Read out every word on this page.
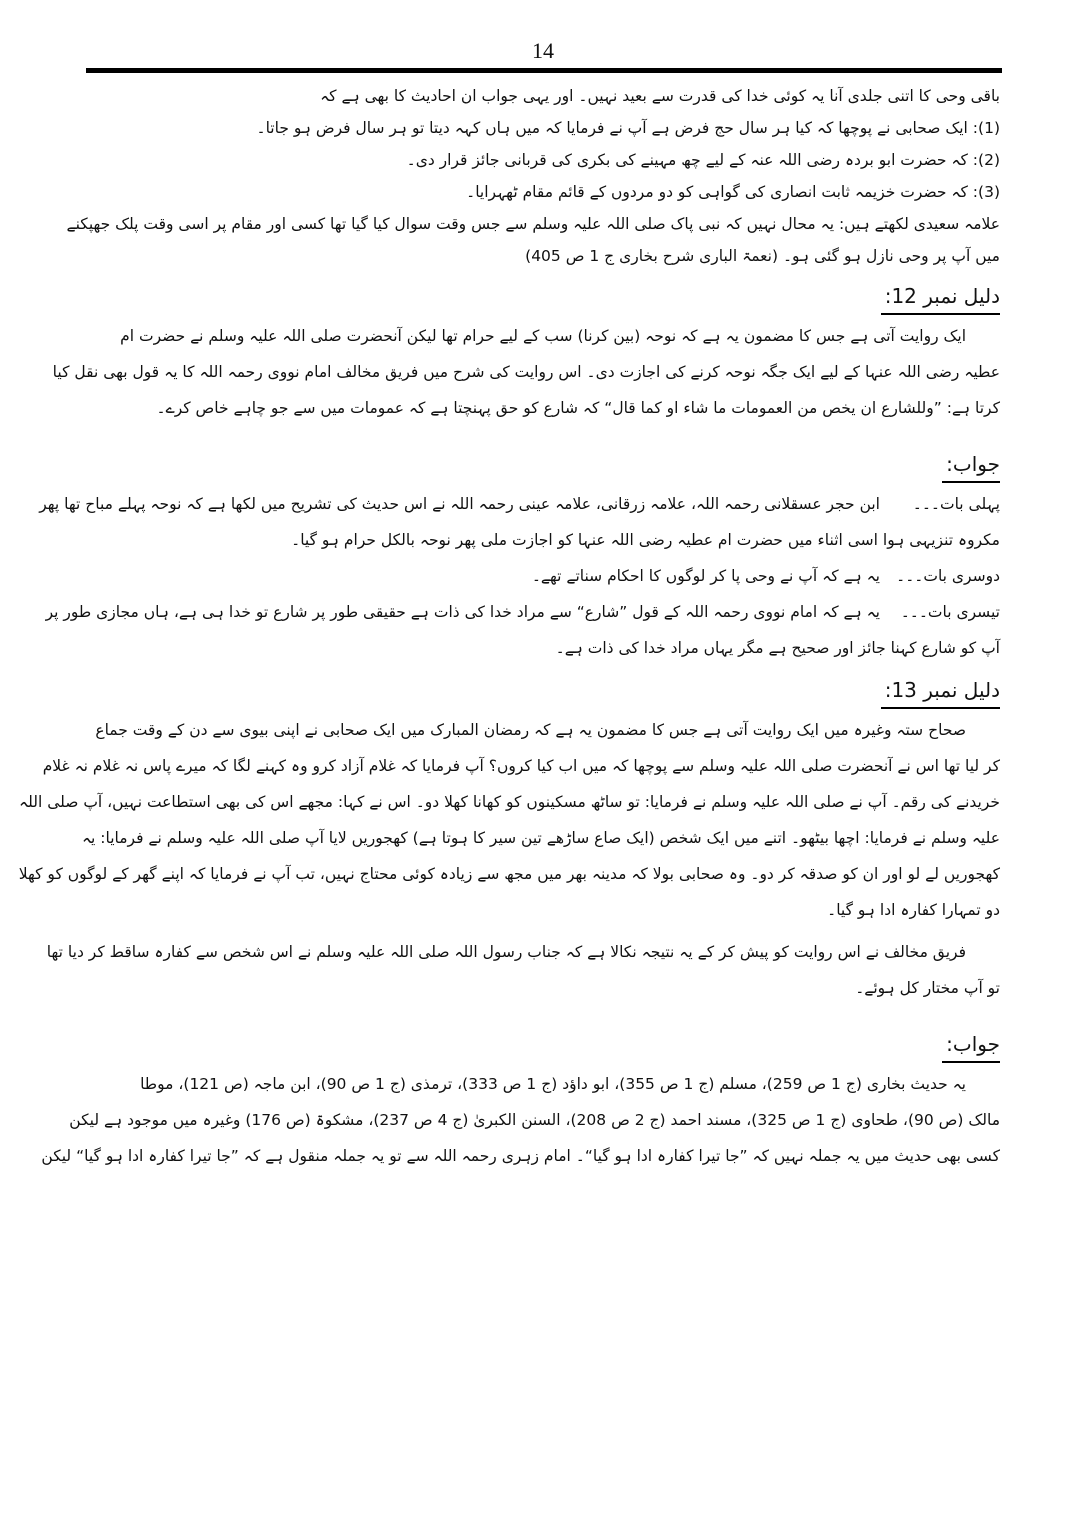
14
باقی وحی کا اتنی جلدی آنا یہ کوئی خدا کی قدرت سے بعید نہیں۔ اور یہی جواب ان احادیث کا بھی ہے کہ
(1): ایک صحابی نے پوچھا کہ کیا ہر سال حج فرض ہے آپ نے فرمایا کہ میں ہاں کہہ دیتا تو ہر سال فرض ہو جاتا۔
(2): کہ حضرت ابو بردہ رضی اللہ عنہ کے لیے چھ مہینے کی بکری کی قربانی جائز قرار دی۔
(3): کہ حضرت خزیمہ ثابت انصاری کی گواہی کو دو مردوں کے قائم مقام ٹھہرایا۔
علامہ سعیدی لکھتے ہیں: یہ محال نہیں کہ نبی پاک صلی اللہ علیہ وسلم سے جس وقت سوال کیا گیا تھا کسی اور مقام پر اسی وقت پلک جھپکنے
میں آپ پر وحی نازل ہو گئی ہو۔ (نعمۃ الباری شرح بخاری ج 1 ص 405)
دلیل نمبر 12:
ایک روایت آتی ہے جس کا مضمون یہ ہے کہ نوحہ (بین کرنا) سب کے لیے حرام تھا لیکن آنحضرت صلی اللہ علیہ وسلم نے حضرت ام
عطیہ رضی اللہ عنہا کے لیے ایک جگہ نوحہ کرنے کی اجازت دی۔ اس روایت کی شرح میں فریق مخالف امام نووی رحمہ اللہ کا یہ قول بھی نقل کیا
کرتا ہے: ”وللشارع ان یخص من العمومات ما شاء او کما قال“ کہ شارع کو حق پہنچتا ہے کہ عمومات میں سے جو چاہے خاص کرے۔
جواب:
پہلی بات۔۔۔ابن حجر عسقلانی رحمہ اللہ، علامہ زرقانی، علامہ عینی رحمہ اللہ نے اس حدیث کی تشریح میں لکھا ہے کہ نوحہ پہلے مباح تھا پھر
مکروہ تنزیہی ہوا اسی اثناء میں حضرت ام عطیہ رضی اللہ عنہا کو اجازت ملی پھر نوحہ بالکل حرام ہو گیا۔
دوسری بات۔۔۔یہ ہے کہ آپ نے وحی پا کر لوگوں کا احکام سناتے تھے۔
تیسری بات۔۔۔یہ ہے کہ امام نووی رحمہ اللہ کے قول ”شارع“ سے مراد خدا کی ذات ہے حقیقی طور پر شارع تو خدا ہی ہے، ہاں مجازی طور پر
آپ کو شارع کہنا جائز اور صحیح ہے مگر یہاں مراد خدا کی ذات ہے۔
دلیل نمبر 13:
صحاح ستہ وغیرہ میں ایک روایت آتی ہے جس کا مضمون یہ ہے کہ رمضان المبارک میں ایک صحابی نے اپنی بیوی سے دن کے وقت جماع
کر لیا تھا اس نے آنحضرت صلی اللہ علیہ وسلم سے پوچھا کہ میں اب کیا کروں؟ آپ فرمایا کہ غلام آزاد کرو وہ کہنے لگا کہ میرے پاس نہ غلام نہ غلام
خریدنے کی رقم۔ آپ نے صلی اللہ علیہ وسلم نے فرمایا: تو ساٹھ مسکینوں کو کھانا کھلا دو۔ اس نے کہا: مجھے اس کی بھی استطاعت نہیں، آپ صلی اللہ
علیہ وسلم نے فرمایا: اچھا بیٹھو۔ اتنے میں ایک شخص (ایک صاع ساڑھے تین سیر کا ہوتا ہے) کھجوریں لایا آپ صلی اللہ علیہ وسلم نے فرمایا: یہ
کھجوریں لے لو اور ان کو صدقہ کر دو۔ وہ صحابی بولا کہ مدینہ بھر میں مجھ سے زیادہ کوئی محتاج نہیں، تب آپ نے فرمایا کہ اپنے گھر کے لوگوں کو کھلا
دو تمہارا کفارہ ادا ہو گیا۔
فریق مخالف نے اس روایت کو پیش کر کے یہ نتیجہ نکالا ہے کہ جناب رسول اللہ صلی اللہ علیہ وسلم نے اس شخص سے کفارہ ساقط کر دیا تھا
تو آپ مختار کل ہوئے۔
جواب:
یہ حدیث بخاری (ج 1 ص 259)، مسلم (ج 1 ص 355)، ابو داؤد (ج 1 ص 333)، ترمذی (ج 1 ص 90)، ابن ماجہ (ص 121)، موطا
مالک (ص 90)، طحاوی (ج 1 ص 325)، مسند احمد (ج 2 ص 208)، السنن الکبریٰ (ج 4 ص 237)، مشکوۃ (ص 176) وغیرہ میں موجود ہے لیکن
کسی بھی حدیث میں یہ جملہ نہیں کہ ”جا تیرا کفارہ ادا ہو گیا“۔ امام زہری رحمہ اللہ سے تو یہ جملہ منقول ہے کہ ”جا تیرا کفارہ ادا ہو گیا“ لیکن
